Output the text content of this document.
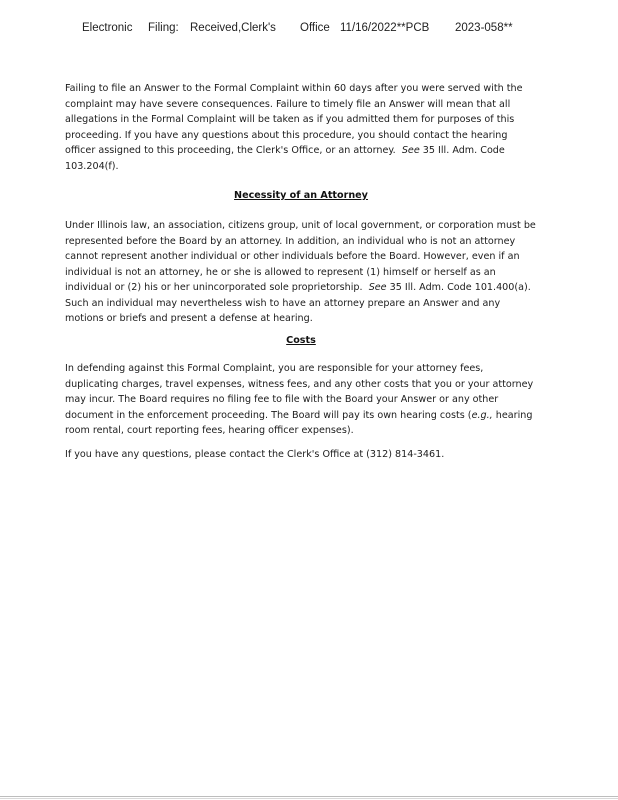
Electronic Filing: Received,Clerk's Office 11/16/2022**PCB 2023-058**

Failing to file an Answer to the Formal Complaint within 60 days after you were served with the complaint may have severe consequences. Failure to timely file an Answer will mean that all allegations in the Formal Complaint will be taken as if you admitted them for purposes of this proceeding. If you have any questions about this procedure, you should contact the hearing officer assigned to this proceeding, the Clerk's Office, or an attorney. See 35 Ill. Adm. Code 103.204(f).

Necessity of an Attorney

Under Illinois law, an association, citizens group, unit of local government, or corporation must be represented before the Board by an attorney. In addition, an individual who is not an attorney cannot represent another individual or other individuals before the Board. However, even if an individual is not an attorney, he or she is allowed to represent (1) himself or herself as an individual or (2) his or her unincorporated sole proprietorship. See 35 Ill. Adm. Code 101.400(a). Such an individual may nevertheless wish to have an attorney prepare an Answer and any motions or briefs and present a defense at hearing.

Costs

In defending against this Formal Complaint, you are responsible for your attorney fees, duplicating charges, travel expenses, witness fees, and any other costs that you or your attorney may incur. The Board requires no filing fee to file with the Board your Answer or any other document in the enforcement proceeding. The Board will pay its own hearing costs (e.g., hearing room rental, court reporting fees, hearing officer expenses).

If you have any questions, please contact the Clerk's Office at (312) 814-3461.
